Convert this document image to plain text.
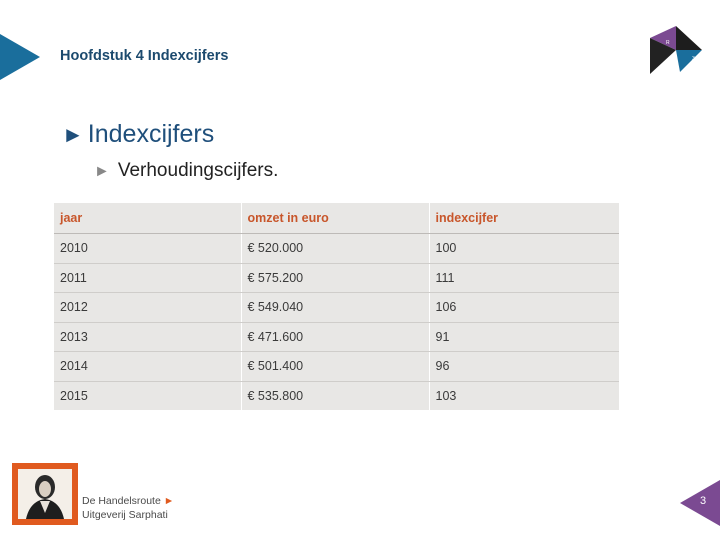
Hoofdstuk 4 Indexcijfers
R
3
► Indexcijfers
► Verhoudingscijfers.
jaar	omzet in euro	indexcijfer
2010	€ 520.000	100
2011	€ 575.200	111
2012	€ 549.040	106
2013	€ 471.600	91
2014	€ 501.400	96
2015	€ 535.800	103
De Handelsroute ►
Uitgeverij Sarphati
3
